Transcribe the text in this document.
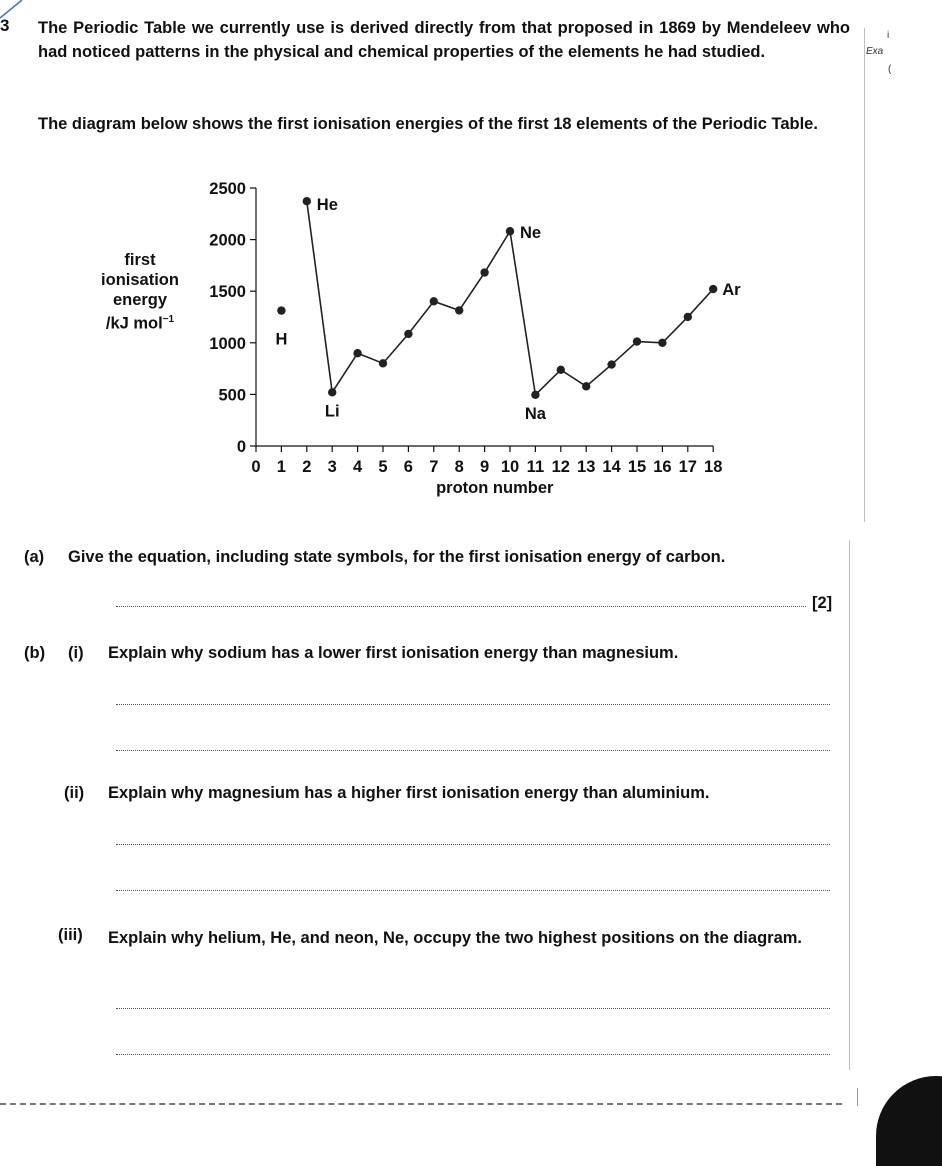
3 The Periodic Table we currently use is derived directly from that proposed in 1869 by Mendeleev who had noticed patterns in the physical and chemical properties of the elements he had studied.
The diagram below shows the first ionisation energies of the first 18 elements of the Periodic Table.
i
Exa
(
first
ionisation
energy
/kJ mol$^{-1}$
0
500
1000
1500
2000
2500
0 1 2 3 4 5 6 7 8 9 10 11 12 13 14 15 16 17 18
proton number
H
He
Li
Ne
Na
Ar
(a) Give the equation, including state symbols, for the first ionisation energy of carbon.
[2]
(b) (i) Explain why sodium has a lower first ionisation energy than magnesium.
(ii) Explain why magnesium has a higher first ionisation energy than aluminium.
(iii) Explain why helium, He, and neon, Ne, occupy the two highest positions on the diagram.
